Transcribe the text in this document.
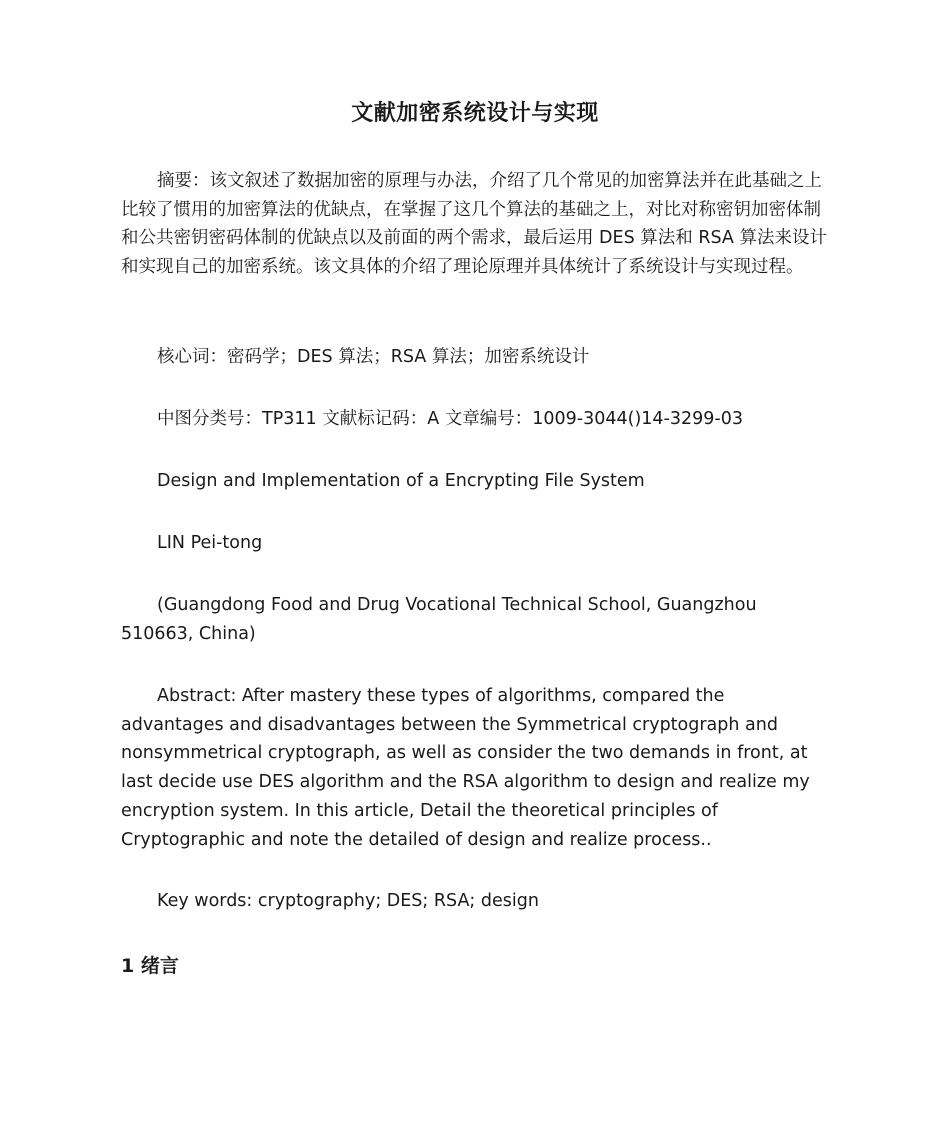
文献加密系统设计与实现

摘要：该文叙述了数据加密的原理与办法，介绍了几个常见的加密算法并在此基础之上比较了惯用的加密算法的优缺点，在掌握了这几个算法的基础之上，对比对称密钥加密体制和公共密钥密码体制的优缺点以及前面的两个需求，最后运用 DES 算法和 RSA 算法来设计和实现自己的加密系统。该文具体的介绍了理论原理并具体统计了系统设计与实现过程。

核心词：密码学；DES 算法；RSA 算法；加密系统设计

中图分类号：TP311 文献标记码：A 文章编号：1009-3044()14-3299-03

Design and Implementation of a Encrypting File System

LIN Pei-tong

(Guangdong Food and Drug Vocational Technical School, Guangzhou 510663, China)

Abstract: After mastery these types of algorithms, compared the advantages and disadvantages between the Symmetrical cryptograph and nonsymmetrical cryptograph, as well as consider the two demands in front, at last decide use DES algorithm and the RSA algorithm to design and realize my encryption system. In this article, Detail the theoretical principles of Cryptographic and note the detailed of design and realize process..

Key words: cryptography; DES; RSA; design

1 绪言
